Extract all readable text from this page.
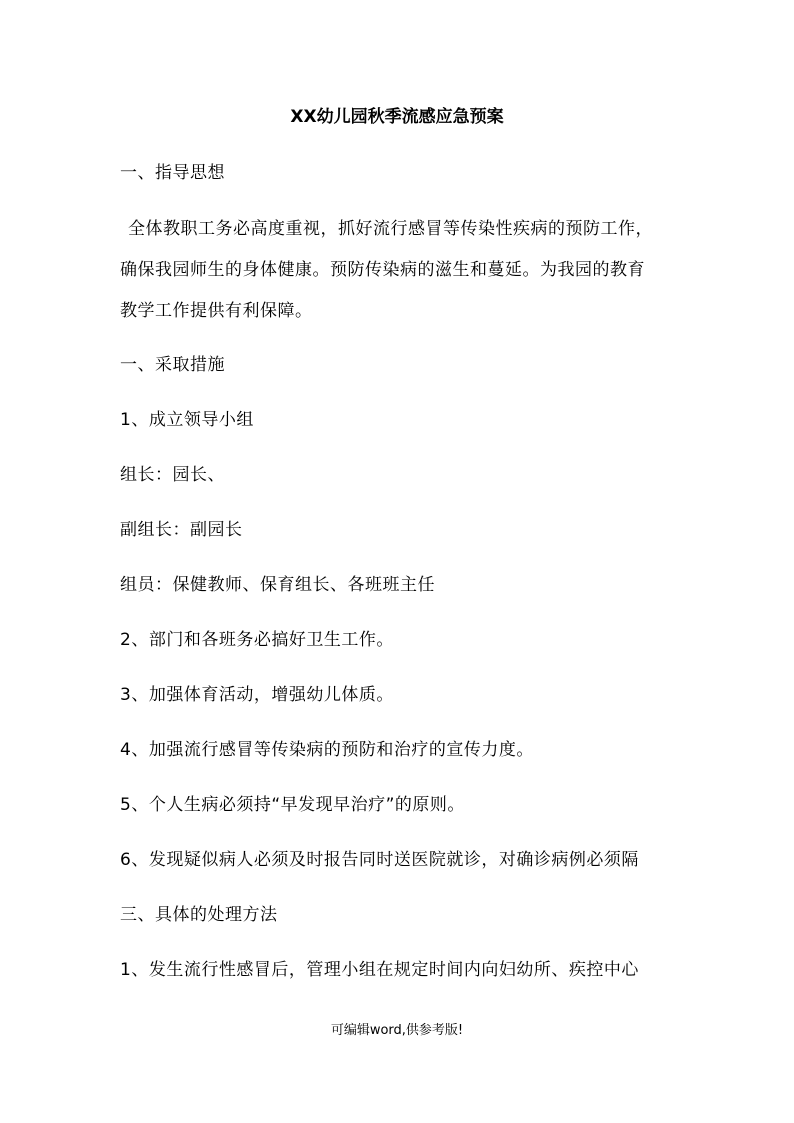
XX幼儿园秋季流感应急预案
一、指导思想
全体教职工务必高度重视，抓好流行感冒等传染性疾病的预防工作，
确保我园师生的身体健康。预防传染病的滋生和蔓延。为我园的教育
教学工作提供有利保障。
一、采取措施
1、成立领导小组
组长：园长、
副组长：副园长
组员：保健教师、保育组长、各班班主任
2、部门和各班务必搞好卫生工作。
3、加强体育活动，增强幼儿体质。
4、加强流行感冒等传染病的预防和治疗的宣传力度。
5、个人生病必须持“早发现早治疗”的原则。
6、发现疑似病人必须及时报告同时送医院就诊，对确诊病例必须隔
三、具体的处理方法
1、发生流行性感冒后，管理小组在规定时间内向妇幼所、疾控中心
可编辑word,供参考版!
